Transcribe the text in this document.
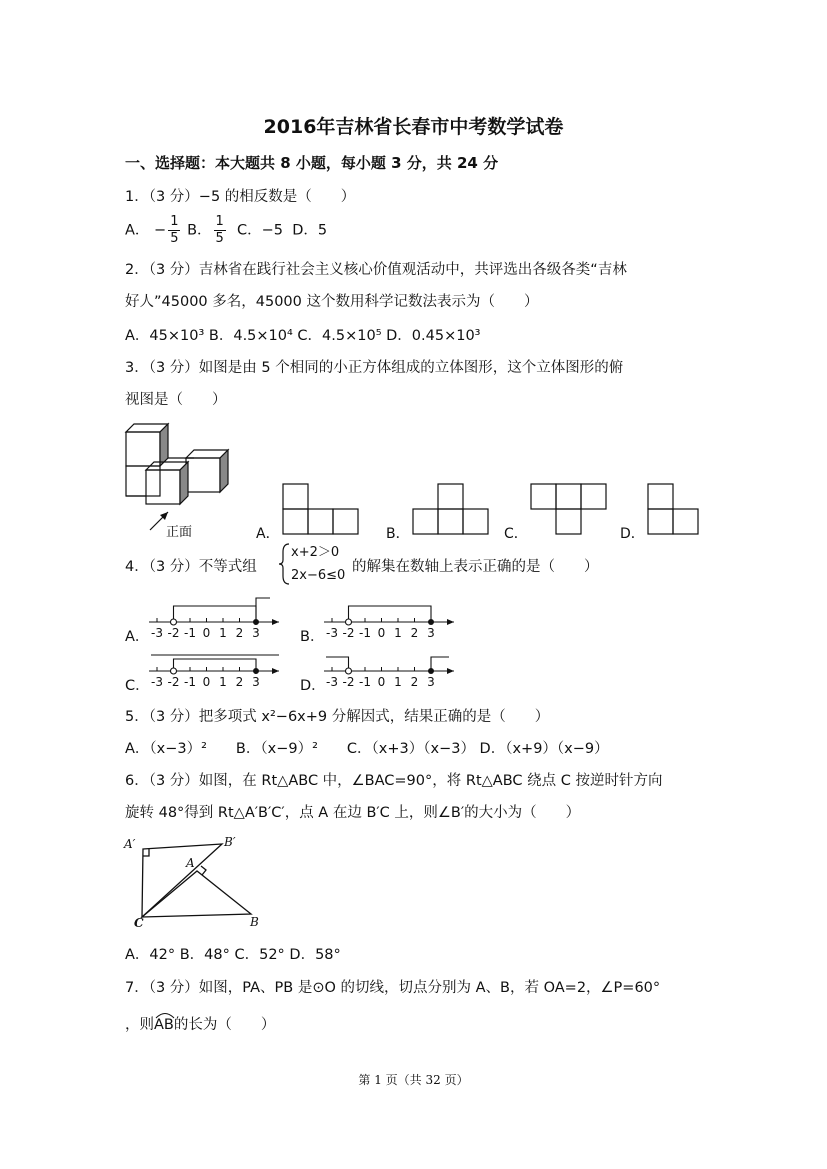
2016年吉林省长春市中考数学试卷
一、选择题：本大题共 8 小题，每小题 3 分，共 24 分
1．（3 分）−5 的相反数是（　　）
A． − $\frac{1}{5}$ B． $\frac{1}{5}$ C．−5 D．5
2．（3 分）吉林省在践行社会主义核心价值观活动中，共评选出各级各类“吉林
好人”45000 多名，45000 这个数用科学记数法表示为（　　）
A．45×10³ B．4.5×10⁴ C．4.5×10⁵ D．0.45×10³
3．（3 分）如图是由 5 个相同的小正方体组成的立体图形，这个立体图形的俯
视图是（　　）
正面	A．	B．	C．	D．
4．（3 分）不等式组
x+2＞0
2x−6≤0
的解集在数轴上表示正确的是（　　）
A．	B．
C．	D．
-3 -2 -1 0 1 2 3	-3 -2 -1 0 1 2 3
-3 -2 -1 0 1 2 3	-3 -2 -1 0 1 2 3
5．（3 分）把多项式 x²−6x+9 分解因式，结果正确的是（　　）
A．（x−3）²　　B．（x−9）²　　C．（x+3）（x−3） D．（x+9）（x−9）
6．（3 分）如图，在 Rt△ABC 中，∠BAC=90°，将 Rt△ABC 绕点 C 按逆时针方向
旋转 48°得到 Rt△A′B′C′，点 A 在边 B′C 上，则∠B′的大小为（　　）
A′	B′
A
C	B
A．42° B．48° C．52° D．58°
7．（3 分）如图，PA、PB 是⊙O 的切线，切点分别为 A、B，若 OA=2，∠P=60°
，则
AB的长为（　　）
第 1 页（共 32 页）
